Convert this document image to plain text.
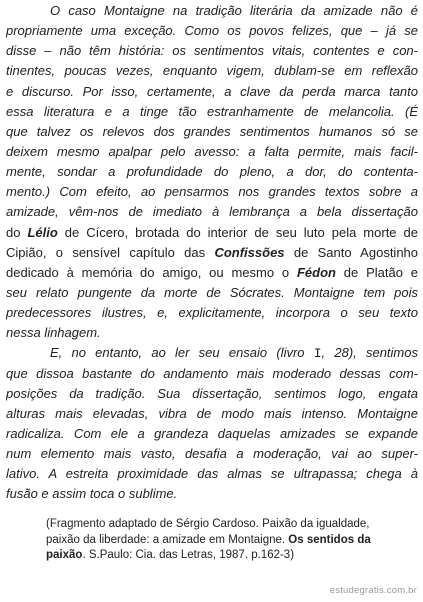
O caso Montaigne na tradição literária da amizade não é
propriamente uma exceção. Como os povos felizes, que – já se
disse – não têm história: os sentimentos vitais, contentes e con-
tinentes, poucas vezes, enquanto vigem, dublam-se em reflexão
e discurso. Por isso, certamente, a clave da perda marca tanto
essa literatura e a tinge tão estranhamente de melancolia. (É
que talvez os relevos dos grandes sentimentos humanos só se
deixem mesmo apalpar pelo avesso: a falta permite, mais facil-
mente, sondar a profundidade do pleno, a dor, do contenta-
mento.) Com efeito, ao pensarmos nos grandes textos sobre a
amizade, vêm-nos de imediato à lembrança a bela dissertação
do Lélio de Cícero, brotada do interior de seu luto pela morte de
Cipião, o sensível capítulo das Confissões de Santo Agostinho
dedicado à memória do amigo, ou mesmo o Fédon de Platão e
seu relato pungente da morte de Sócrates. Montaigne tem pois
predecessores ilustres, e, explicitamente, incorpora o seu texto
nessa linhagem.
E, no entanto, ao ler seu ensaio (livro I, 28), sentimos
que dissoa bastante do andamento mais moderado dessas com-
posições da tradição. Sua dissertação, sentimos logo, engata
alturas mais elevadas, vibra de modo mais intenso. Montaigne
radicaliza. Com ele a grandeza daquelas amizades se expande
num elemento mais vasto, desafia a moderação, vai ao super-
lativo. A estreita proximidade das almas se ultrapassa; chega à
fusão e assim toca o sublime.
(Fragmento adaptado de Sérgio Cardoso. Paixão da igualdade,
paixão da liberdade: a amizade em Montaigne. Os sentidos da
paixão. S.Paulo: Cia. das Letras, 1987. p.162-3)
estudegratis.com.br
